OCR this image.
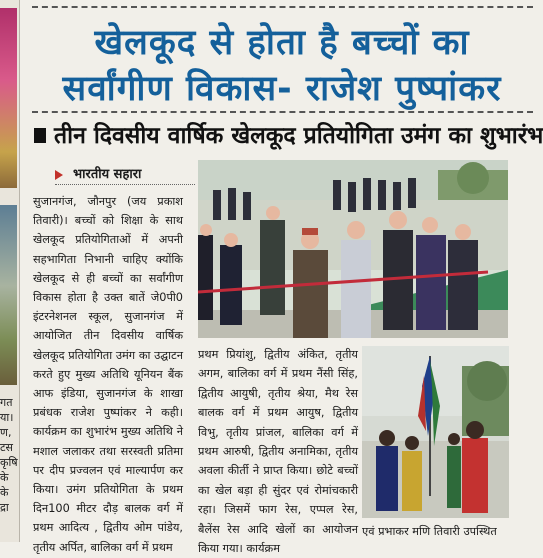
गत
या।
ण,
टस
कृषि
के
के
द्रा
खेलकूद से होता है बच्चों का
सर्वांगीण विकास- राजेश पुष्पांकर
तीन दिवसीय वार्षिक खेलकूद प्रतियोगिता उमंग का शुभारंभ
भारतीय सहारा

सुजानगंज, जौनपुर (जय प्रकाश तिवारी)। बच्चों को शिक्षा के साथ खेलकूद प्रतियोगिताओं में अपनी सहभागिता निभानी चाहिए क्योंकि खेलकूद से ही बच्चों का सर्वांगीण विकास होता है उक्त बातें जे0पी0 इंटरनेशनल स्कूल, सुजानगंज में आयोजित तीन दिवसीय वार्षिक खेलकूद प्रतियोगिता उमंग का उद्घाटन करते हुए मुख्य अतिथि यूनियन बैंक आफ इंडिया, सुजानगंज के शाखा प्रबंधक राजेश पुष्पांकर ने कही। कार्यक्रम का शुभारंभ मुख्य अतिथि ने मशाल जलाकर तथा सरस्वती प्रतिमा पर दीप प्रज्वलन एवं माल्यार्पण कर किया। उमंग प्रतियोगिता के प्रथम दिन100 मीटर दौड़ बालक वर्ग में प्रथम आदित्य , द्वितीय ओम पांडेय, तृतीय अर्पित, बालिका वर्ग में प्रथम

प्रथम प्रियांशु, द्वितीय अंकित, तृतीय अगम, बालिका वर्ग में प्रथम नैंसी सिंह, द्वितीय आयुषी, तृतीय श्रेया, मैथ रेस बालक वर्ग में प्रथम आयुष, द्वितीय विभु, तृतीय प्रांजल, बालिका वर्ग में प्रथम आरुषी, द्वितीय अनामिका, तृतीय अवला कीर्ती ने प्राप्त किया। छोटे बच्चों का खेल बड़ा ही सुंदर एवं रोमांचकारी रहा। जिसमें फाग रेस, एप्पल रेस, बैलेंस रेस आदि खेलों का आयोजन किया गया। कार्यक्रम

एवं प्रभाकर मणि तिवारी उपस्थित
